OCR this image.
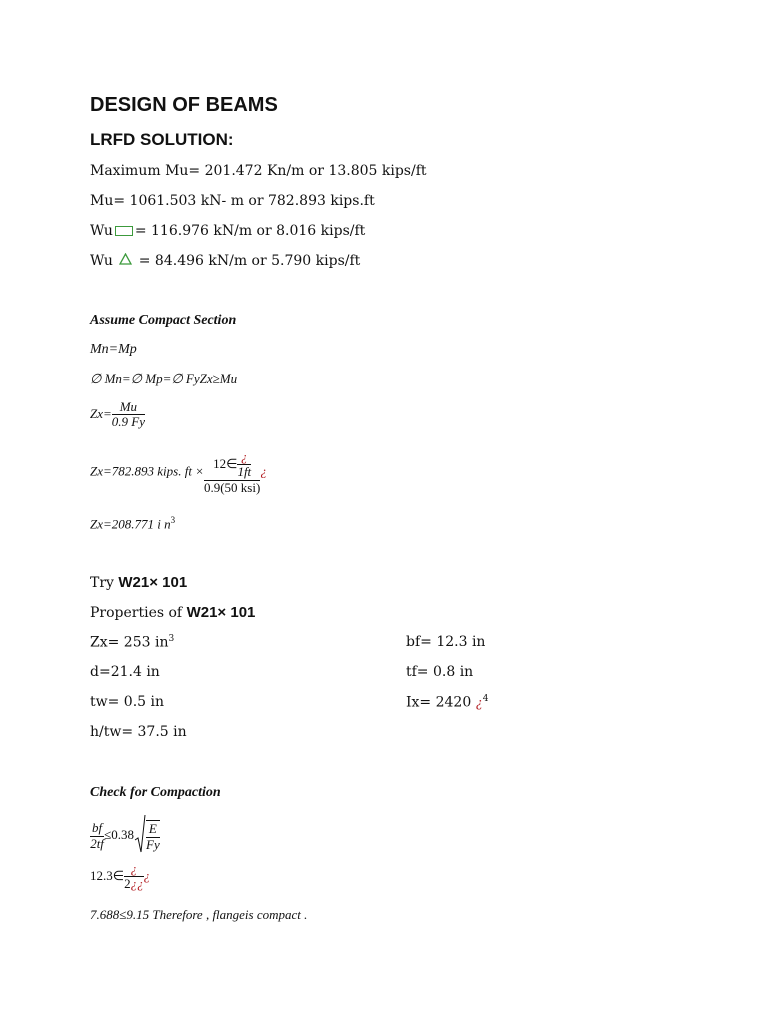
DESIGN OF BEAMS
LRFD SOLUTION:
Maximum Mu= 201.472 Kn/m or 13.805 kips/ft
Mu= 1061.503 kN- m or 782.893 kips.ft
Wu = 116.976 kN/m or 8.016 kips/ft
Wu = 84.496 kN/m or 5.790 kips/ft
Assume Compact Section
Mn=Mp
∅ Mn=∅ Mp=∅ FyZx≥Mu
$Zx= \frac{Mu}{0.9 Fy}$
Zx=782.893 kips. ft × $\frac{12\in \frac{¿}{1ft}}{\text{0.9(50 ksi)}}$ ¿
Zx=208.771 i $n^3$
Try W21× 101
Properties of W21× 101
Zx= 253 $in^3$	bf= 12.3 in
d=21.4 in	tf= 0.8 in
tw= 0.5 in	Ix= 2420 ¿$^4$
h/tw= 37.5 in
Check for Compaction
$\frac{bf}{2tf} \le 0.38 \frac{E}{Fy}$
12.3∈ $\frac{¿}{2¿¿}$ ¿
7.688≤9.15 Therefore , flangeis compact .
